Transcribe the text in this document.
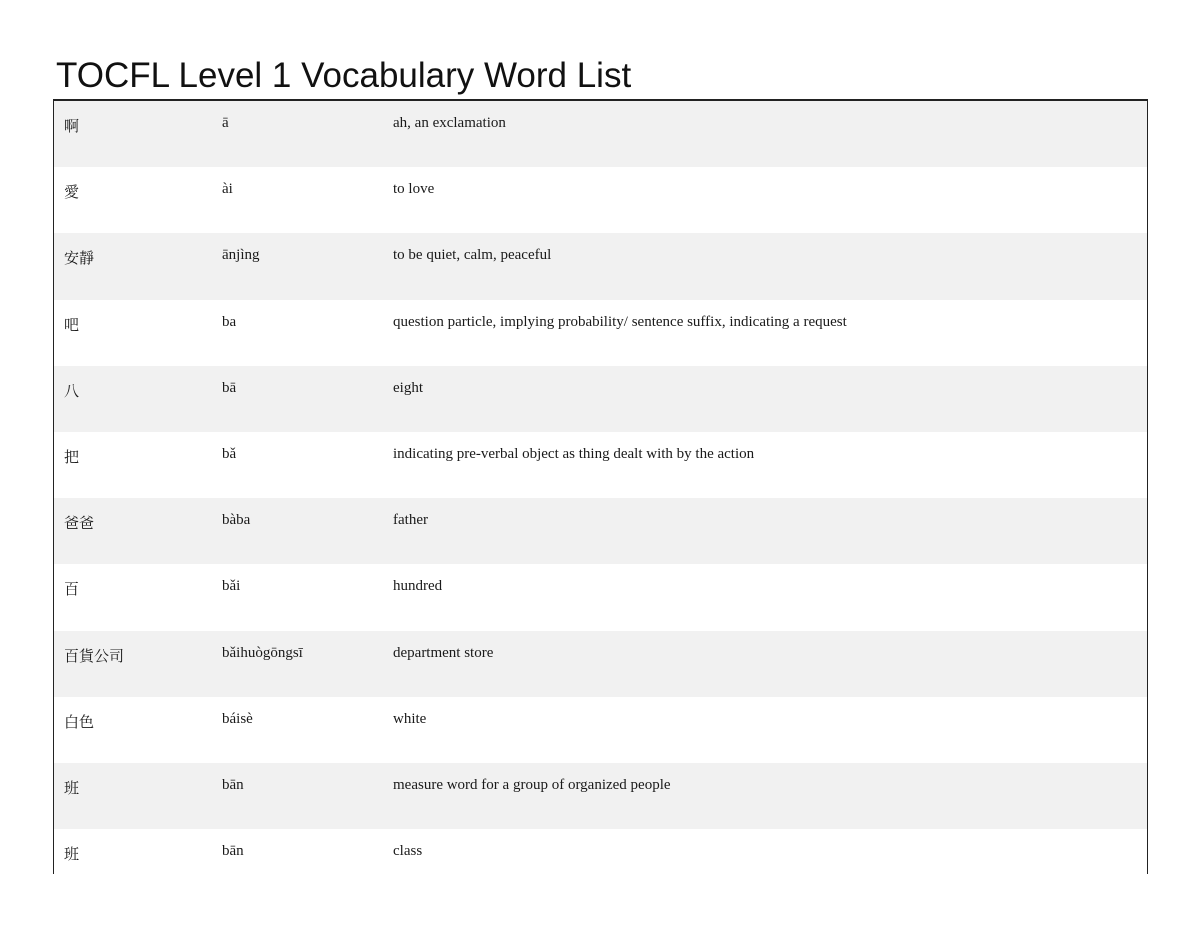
TOCFL Level 1 Vocabulary Word List
啊	ā	ah, an exclamation
愛	ài	to love
安靜	ānjìng	to be quiet, calm, peaceful
吧	ba	question particle, implying probability/ sentence suffix, indicating a request
八	bā	eight
把	bǎ	indicating pre-verbal object as thing dealt with by the action
爸爸	bàba	father
百	bǎi	hundred
百貨公司	bǎihuògōngsī	department store
白色	báisè	white
班	bān	measure word for a group of organized people
班	bān	class
